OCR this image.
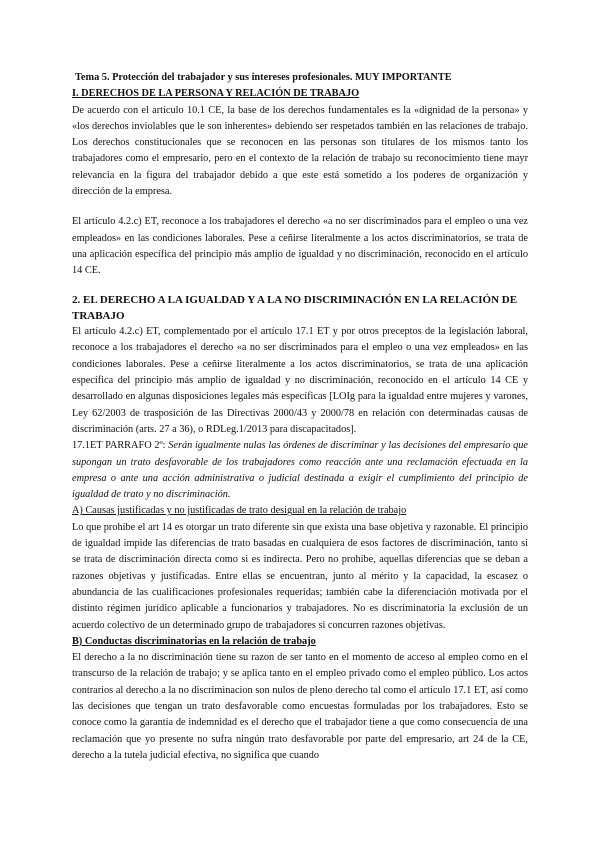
Tema 5. Protección del trabajador y sus intereses profesionales. MUY IMPORTANTE
I. DERECHOS DE LA PERSONA Y RELACIÓN DE TRABAJO

De acuerdo con el artículo 10.1 CE, la base de los derechos fundamentales es la «dignidad de la persona» y «los derechos inviolables que le son inherentes» debiendo ser respetados también en las relaciones de trabajo. Los derechos constitucionales que se reconocen en las personas son titulares de los mismos tanto los trabajadores como el empresario, pero en el contexto de la relación de trabajo su reconocimiento tiene mayr relevancia en la figura del trabajador debido a que este está sometido a los poderes de organización y dirección de la empresa.

El artículo 4.2.c) ET, reconoce a los trabajadores el derecho «a no ser discriminados para el empleo o una vez empleados» en las condiciones laborales. Pese a ceñirse literalmente a los actos discriminatorios, se trata de una aplicación específica del principio más amplio de igualdad y no discriminación, reconocido en el artículo 14 CE.

2. EL DERECHO A LA IGUALDAD Y A LA NO DISCRIMINACIÓN EN LA RELACIÓN DE TRABAJO

El artículo 4.2.c) ET, complementado por el artículo 17.1 ET y por otros preceptos de la legislación laboral, reconoce a los trabajadores el derecho «a no ser discriminados para el empleo o una vez empleados» en las condiciones laborales. Pese a ceñirse literalmente a los actos discriminatorios, se trata de una aplicación específica del principio más amplio de igualdad y no discriminación, reconocido en el artículo 14 CE y desarrollado en algunas disposiciones legales más específicas [LOIg para la igualdad entre mujeres y varones, Ley 62/2003 de trasposición de las Directivas 2000/43 y 2000/78 en relación con determinadas causas de discriminación (arts. 27 a 36), o RDLeg.1/2013 para discapacitados].

17.1ET PARRAFO 2º: Serán igualmente nulas las órdenes de discriminar y las decisiones del empresario que supongan un trato desfavorable de los trabajadores como reacción ante una reclamación efectuada en la empresa o ante una acción administrativa o judicial destinada a exigir el cumplimiento del principio de igualdad de trato y no discriminación.

A) Causas justificadas y no justificadas de trato desigual en la relación de trabajo

Lo que prohíbe el art 14 es otorgar un trato diferente sin que exista una base objetiva y razonable. El principio de igualdad impide las diferencias de trato basadas en cualquiera de esos factores de discriminación, tanto si se trata de discriminación directa como si es indirecta. Pero no prohíbe, aquellas diferencias que se deban a razones objetivas y justificadas. Entre ellas se encuentran, junto al mérito y la capacidad, la escasez o abundancia de las cualificaciones profesionales requeridas; también cabe la diferenciación motivada por el distinto régimen jurídico aplicable a funcionarios y trabajadores. No es discriminatoria la exclusión de un acuerdo colectivo de un determinado grupo de trabajadores si concurren razones objetivas.

B) Conductas discriminatorias en la relación de trabajo

El derecho a la no discriminación tiene su razon de ser tanto en el momento de acceso al empleo como en el transcurso de la relación de trabajo; y se aplica tanto en el empleo privado como el empleo público. Los actos contrarios al derecho a la no discriminacion son nulos de pleno derecho tal como el artículo 17.1 ET, así como las decisiones que tengan un trato desfavorable como encuestas formuladas por los trabajadores. Esto se conoce como la garantía de indemnidad es el derecho que el trabajador tiene a que como consecuencia de una reclamación que yo presente no sufra ningún trato desfavorable por parte del empresario, art 24 de la CE, derecho a la tutela judicial efectiva, no significa que cuando
